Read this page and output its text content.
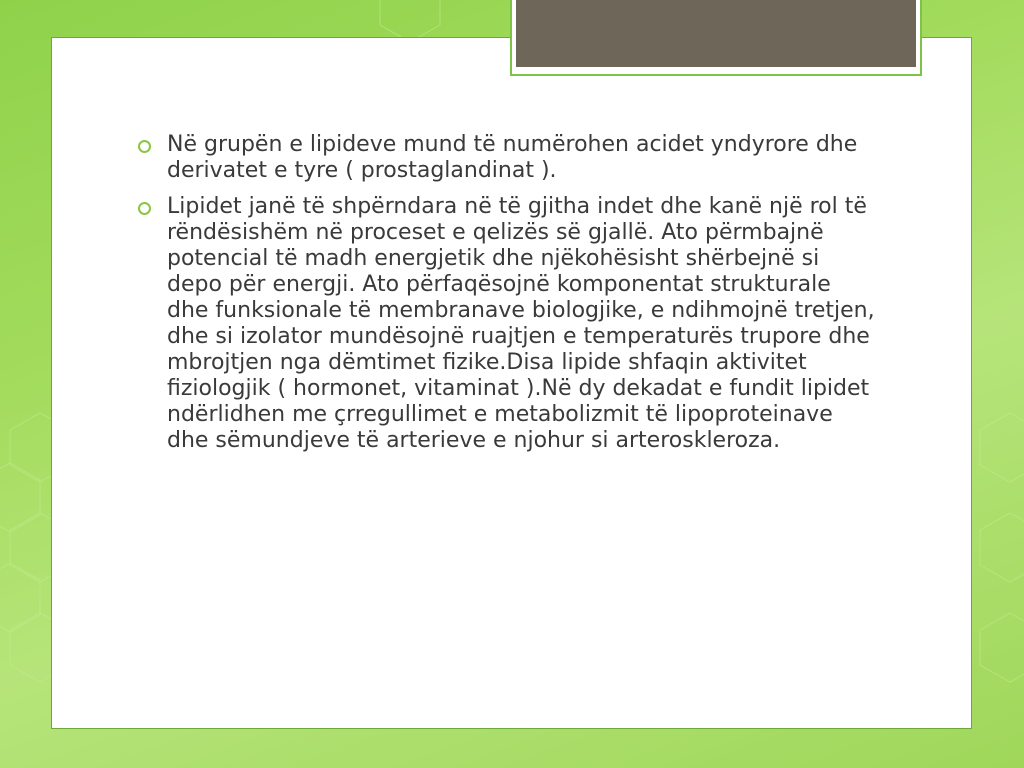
Në grupën e lipideve mund të numërohen acidet yndyrore dhe derivatet e tyre ( prostaglandinat ).
Lipidet janë të shpërndara në të gjitha indet dhe kanë një rol të rëndësishëm në proceset e qelizës së gjallë. Ato përmbajnë potencial të madh energjetik dhe njëkohësisht shërbejnë si depo për energji. Ato përfaqësojnë komponentat strukturale dhe funksionale të membranave biologjike, e ndihmojnë tretjen, dhe si izolator mundësojnë ruajtjen e temperaturës trupore dhe mbrojtjen nga dëmtimet fizike.Disa lipide shfaqin aktivitet fiziologjik ( hormonet, vitaminat ).Në dy dekadat e fundit lipidet ndërlidhen me çrregullimet e metabolizmit të lipoproteinave dhe sëmundjeve të arterieve e njohur si arteroskleroza.
